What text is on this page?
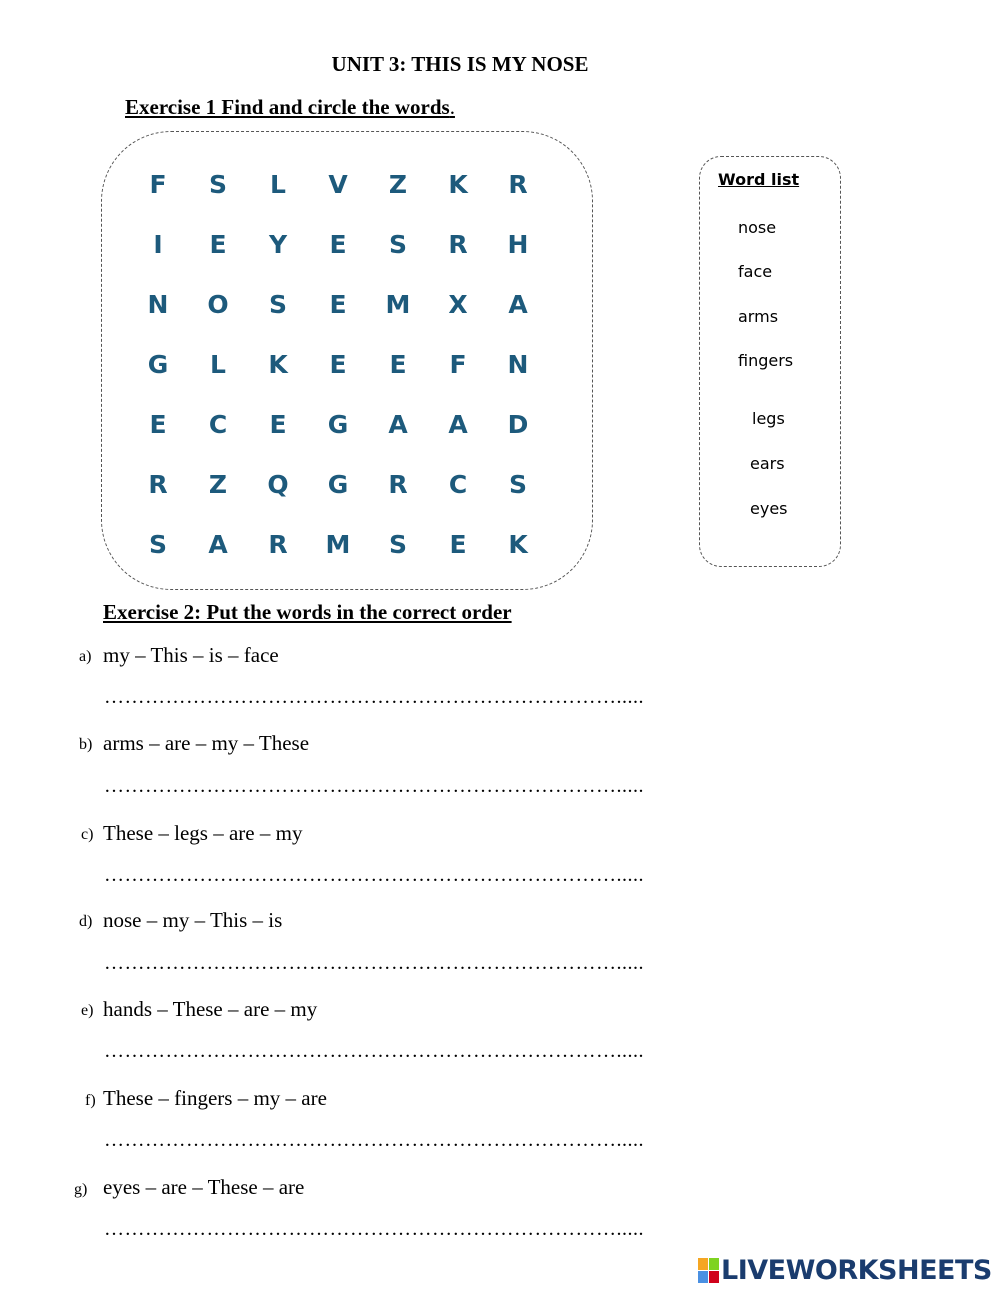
UNIT 3: THIS IS MY NOSE
Exercise 1 Find and circle the words.
F	S	L	V	Z	K	R
I	E	Y	E	S	R	H
N	O	S	E	M	X	A
G	L	K	E	E	F	N
E	C	E	G	A	A	D
R	Z	Q	G	R	C	S
S	A	R	M	S	E	K
Word list
nose
face
arms
fingers
legs
ears
eyes
Exercise 2: Put the words in the correct order
a) my – This – is – face
………………………………………………………………….....
b) arms – are – my – These
………………………………………………………………….....
c) These – legs – are – my
………………………………………………………………….....
d) nose – my – This – is
………………………………………………………………….....
e) hands – These – are – my
………………………………………………………………….....
f) These – fingers – my – are
………………………………………………………………….....
g) eyes – are – These – are
………………………………………………………………….....
LIVEWORKSHEETS
